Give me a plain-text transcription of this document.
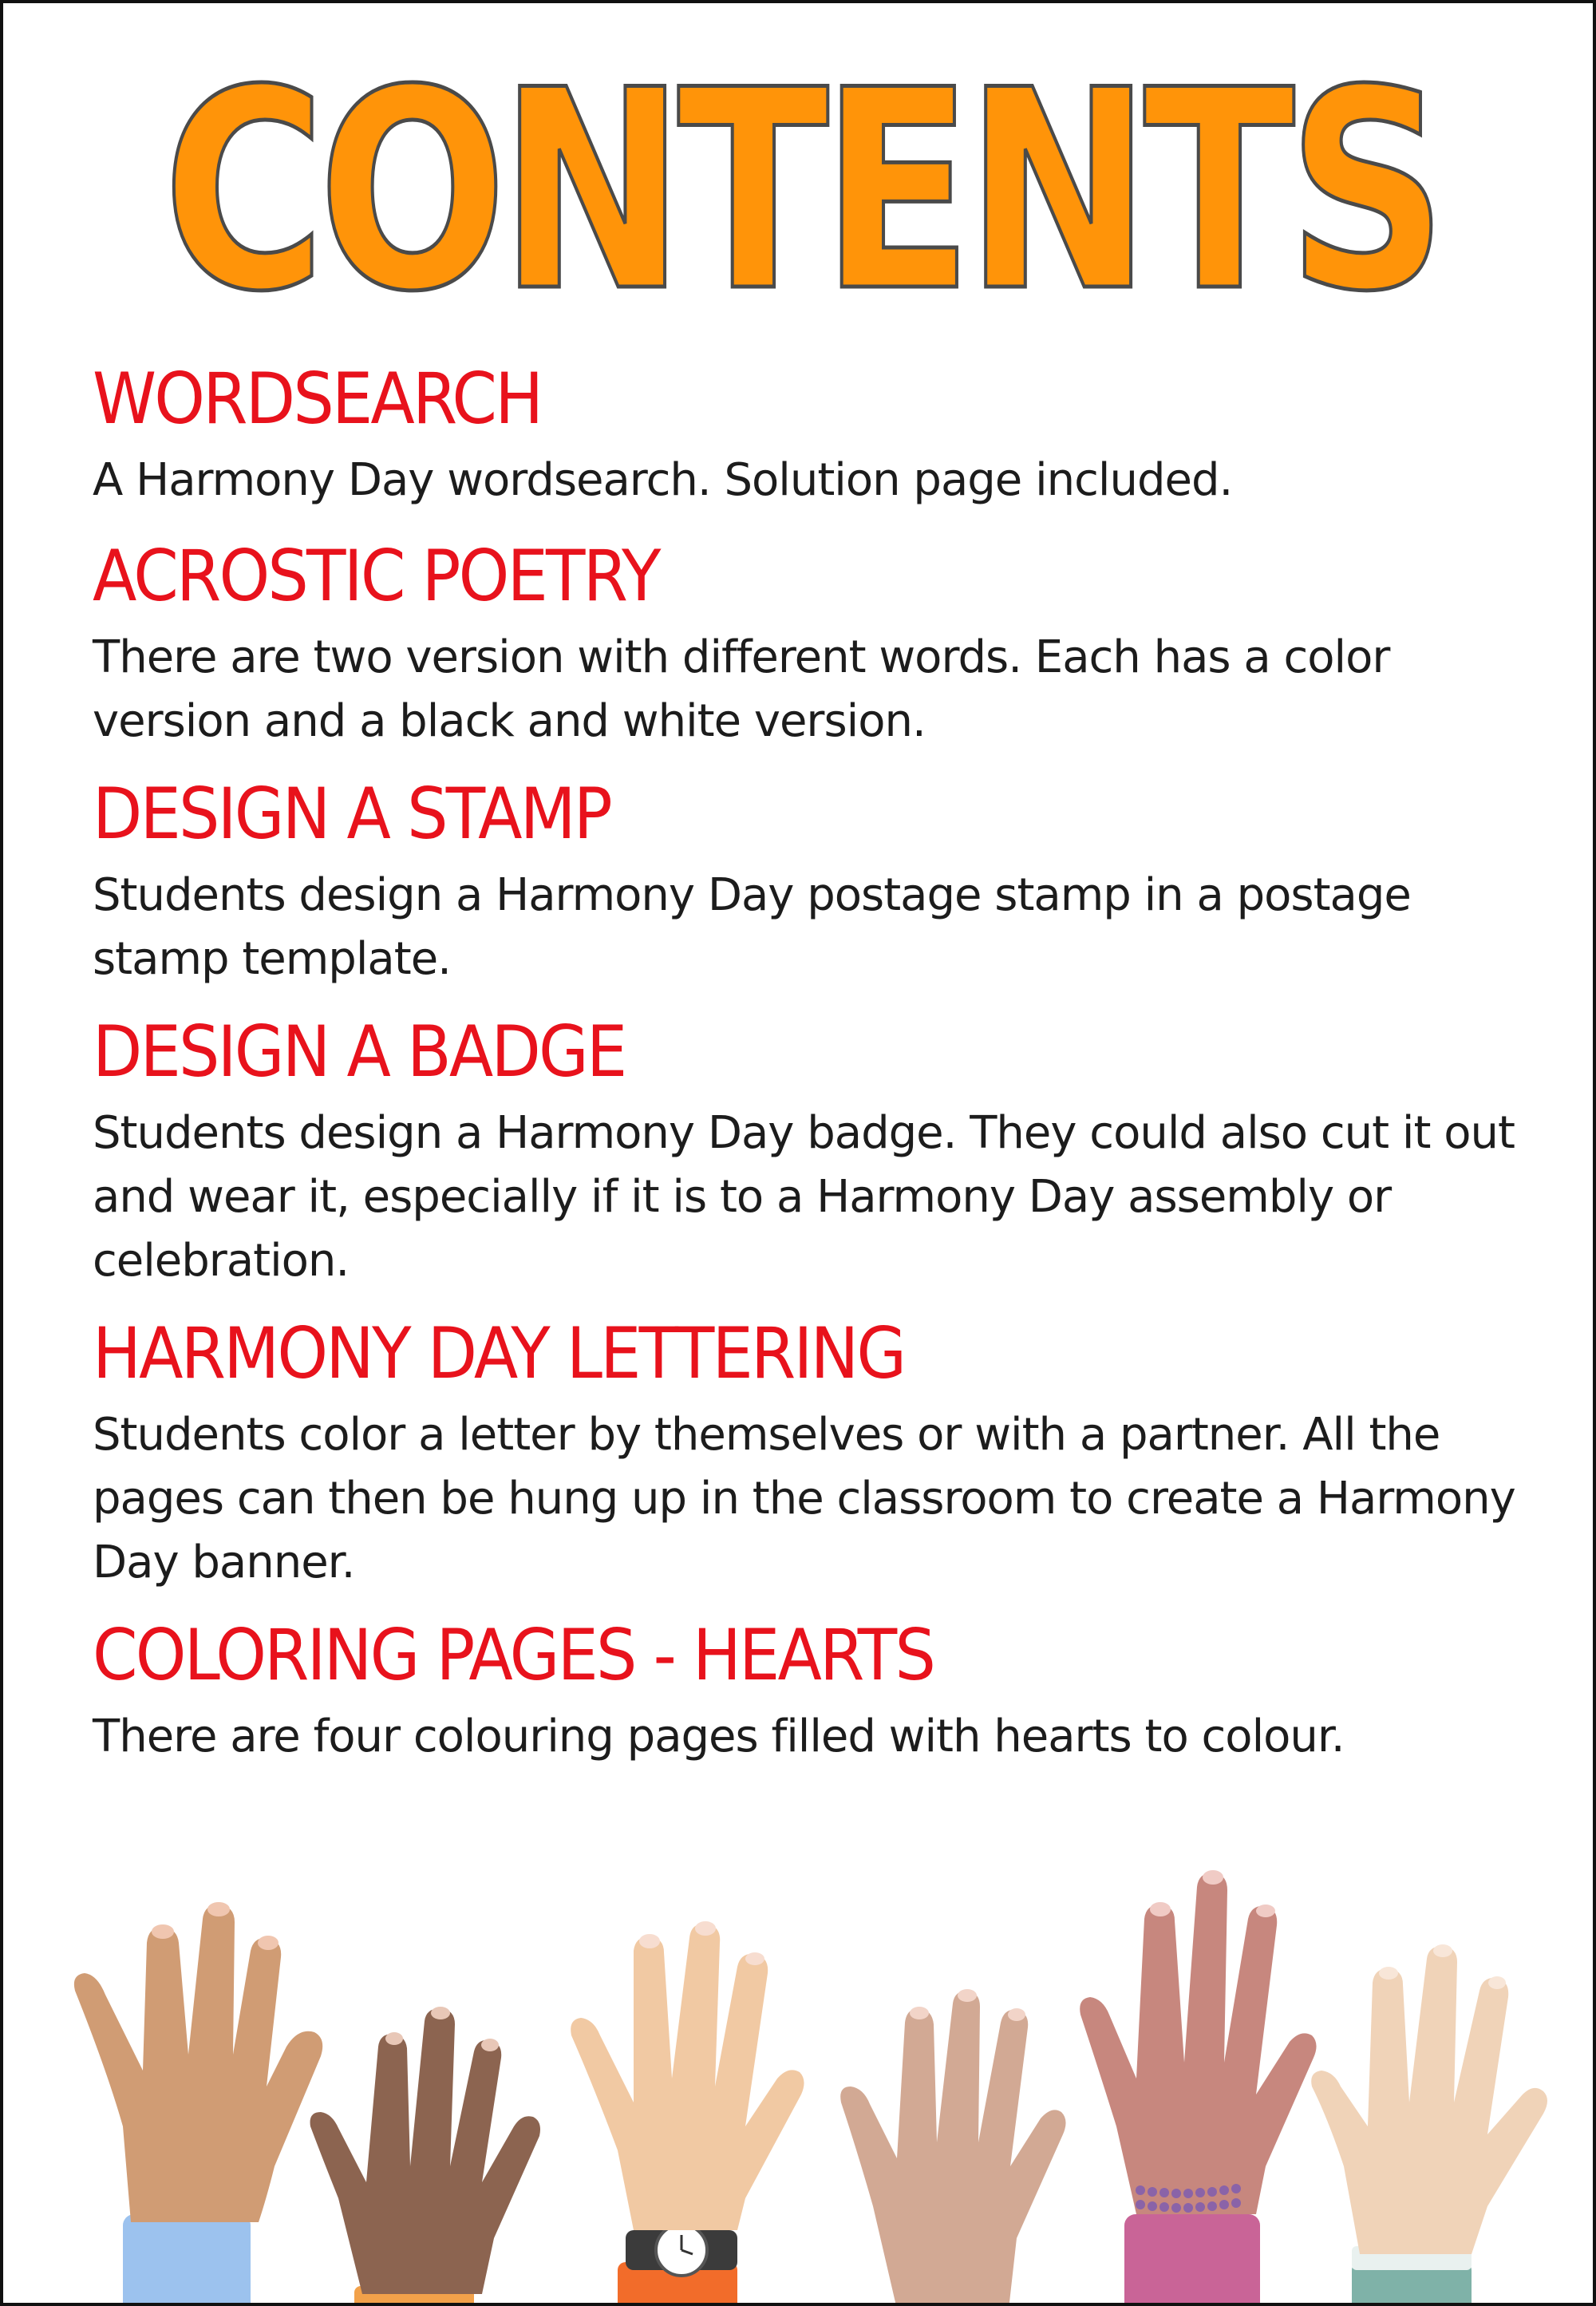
CONTENTS
WORDSEARCH

A Harmony Day wordsearch. Solution page included.

ACROSTIC POETRY

There are two version with different words. Each has a color version and a black and white version.

DESIGN A STAMP

Students design a Harmony Day postage stamp in a postage stamp template.

DESIGN A BADGE

Students design a Harmony Day badge. They could also cut it out and wear it, especially if it is to a Harmony Day assembly or celebration.

HARMONY DAY LETTERING

Students color a letter by themselves or with a partner. All the pages can then be hung up in the classroom to create a Harmony Day banner.

COLORING PAGES - HEARTS

There are four colouring pages filled with hearts to colour.
